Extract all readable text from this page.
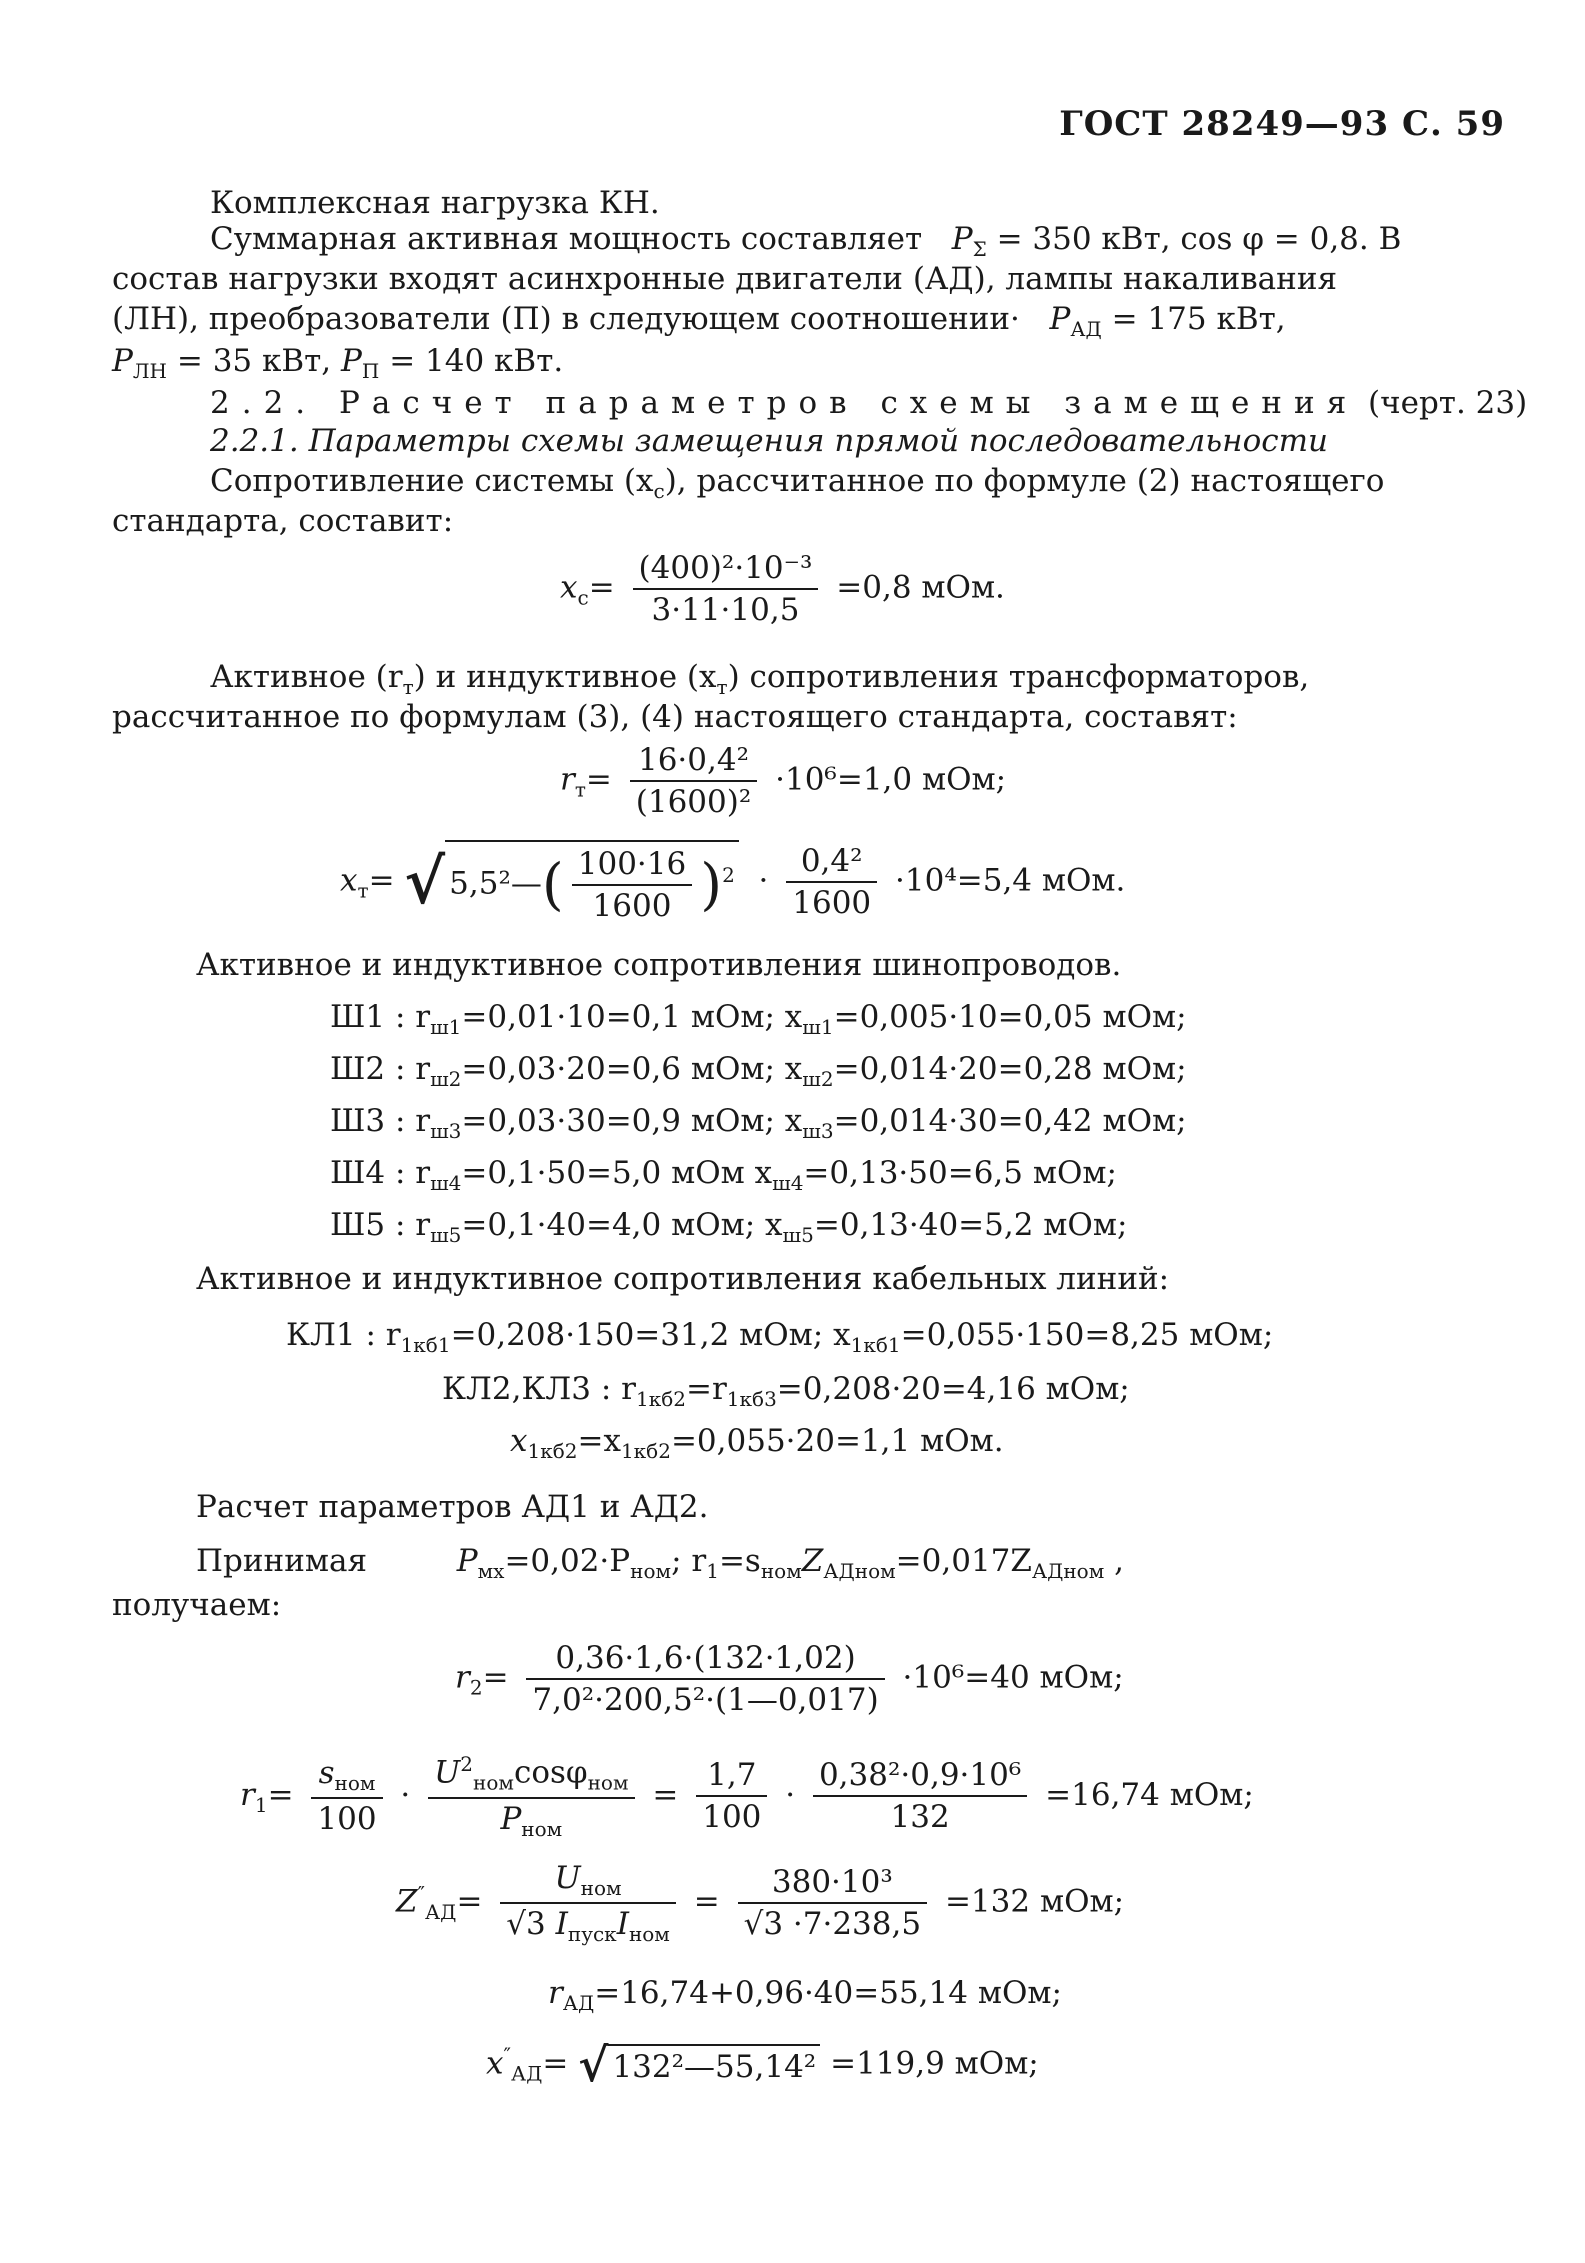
ГОСТ 28249—93 С. 59
Комплексная нагрузка КН.
Суммарная активная мощность составляет   $P_\Sigma = 350$ кВт, cos φ = 0,8. В
состав нагрузки входят асинхронные двигатели (АД), лампы накаливания
(ЛН), преобразователи (П) в следующем соотношении·   $P_{АД} = 175$ кВт,
$P_{ЛН} = 35$ кВт, $P_П = 140$ кВт.
2.2. Расчет параметров схемы замещения (черт. 23)
2.2.1. Параметры схемы замещения прямой последовательности
Сопротивление системы $(x_c)$, рассчитанное по формуле (2) настоящего
стандарта, составит:
$x_c= \frac{\text{(400)²·10⁻³}}{3\cdot 11\cdot 10,5} =0,8$ мОм.
Активное $(r_т)$ и индуктивное $(x_т)$ сопротивления трансформаторов,
рассчитанное по формулам (3), (4) настоящего стандарта, составят:
$r_т= \frac{\text{16·0,4²}}{\text{(1600)²}} \cdot 10^6=1,0$ мОм;
$x_т=$ √ 5,5²—( $\frac{100\cdot 16}{1600} )^2 \cdot \frac{\text{0,4²}}{1600} \cdot 10^4=5,4$ мОм.
Активное и индуктивное сопротивления шинопроводов.
Ш1 : $r_{ш1}=0,01\cdot 10=0,1$ мОм; $x_{ш1}=0,005\cdot 10=0,05$ мОм;
Ш2 : $r_{ш2}=0,03\cdot 20=0,6$ мОм; $x_{ш2}=0,014\cdot 20=0,28$ мОм;
Ш3 : $r_{ш3}=0,03\cdot 30=0,9$ мОм; $x_{ш3}=0,014\cdot 30=0,42$ мОм;
Ш4 : $r_{ш4}=0,1\cdot 50=5,0$ мОм $x_{ш4}=0,13\cdot 50=6,5$ мОм;
Ш5 : $r_{ш5}=0,1\cdot 40=4,0$ мОм; $x_{ш5}=0,13\cdot 40=5,2$ мОм;
Активное и индуктивное сопротивления кабельных линий:
КЛ1 : $r_{1кб1}=0,208\cdot 150=31,2$ мОм; $x_{1кб1}=0,055\cdot 150=8,25$ мОм;
КЛ2,КЛ3 : $r_{1кб2}=r_{1кб3}=0,208\cdot 20=4,16$ мОм;
$x_{1кб2}=x_{1кб2}=0,055\cdot 20=1,1$ мОм.
Расчет параметров АД1 и АД2.
Принимая	$P_{мх}=0,02\cdot P_{ном}$; $r_1=s_{ном}Z_{АДном}=0,017Z_{АДном}$ ,
получаем:
$r_2= \frac{0,36\cdot 1,6\cdot(132\cdot 1,02)}{\text{7,0²·200,5²·(1—0,017)}} \cdot 10^6=40$ мОм;
$r_1= \frac{s_{ном}}{100} \cdot \frac{U^2_{ном}\cos\varphi_{ном}}{P_{ном}} = \frac{1,7}{100} \cdot \frac{\text{0,38²·0,9·10⁶}}{132} =16,74$ мОм;
$Z''_{АД}= \frac{U_{ном}}{√3 I_{пуск}I_{ном}} = \frac{\text{380·10³}}{√3 \cdot 7\cdot 238,5} =132$ мОм;
$r_{АД}=16,74+0,96\cdot 40=55,14$ мОм;
$x''_{АД}=$ √ 132²—55,14² =119,9 мОм;
